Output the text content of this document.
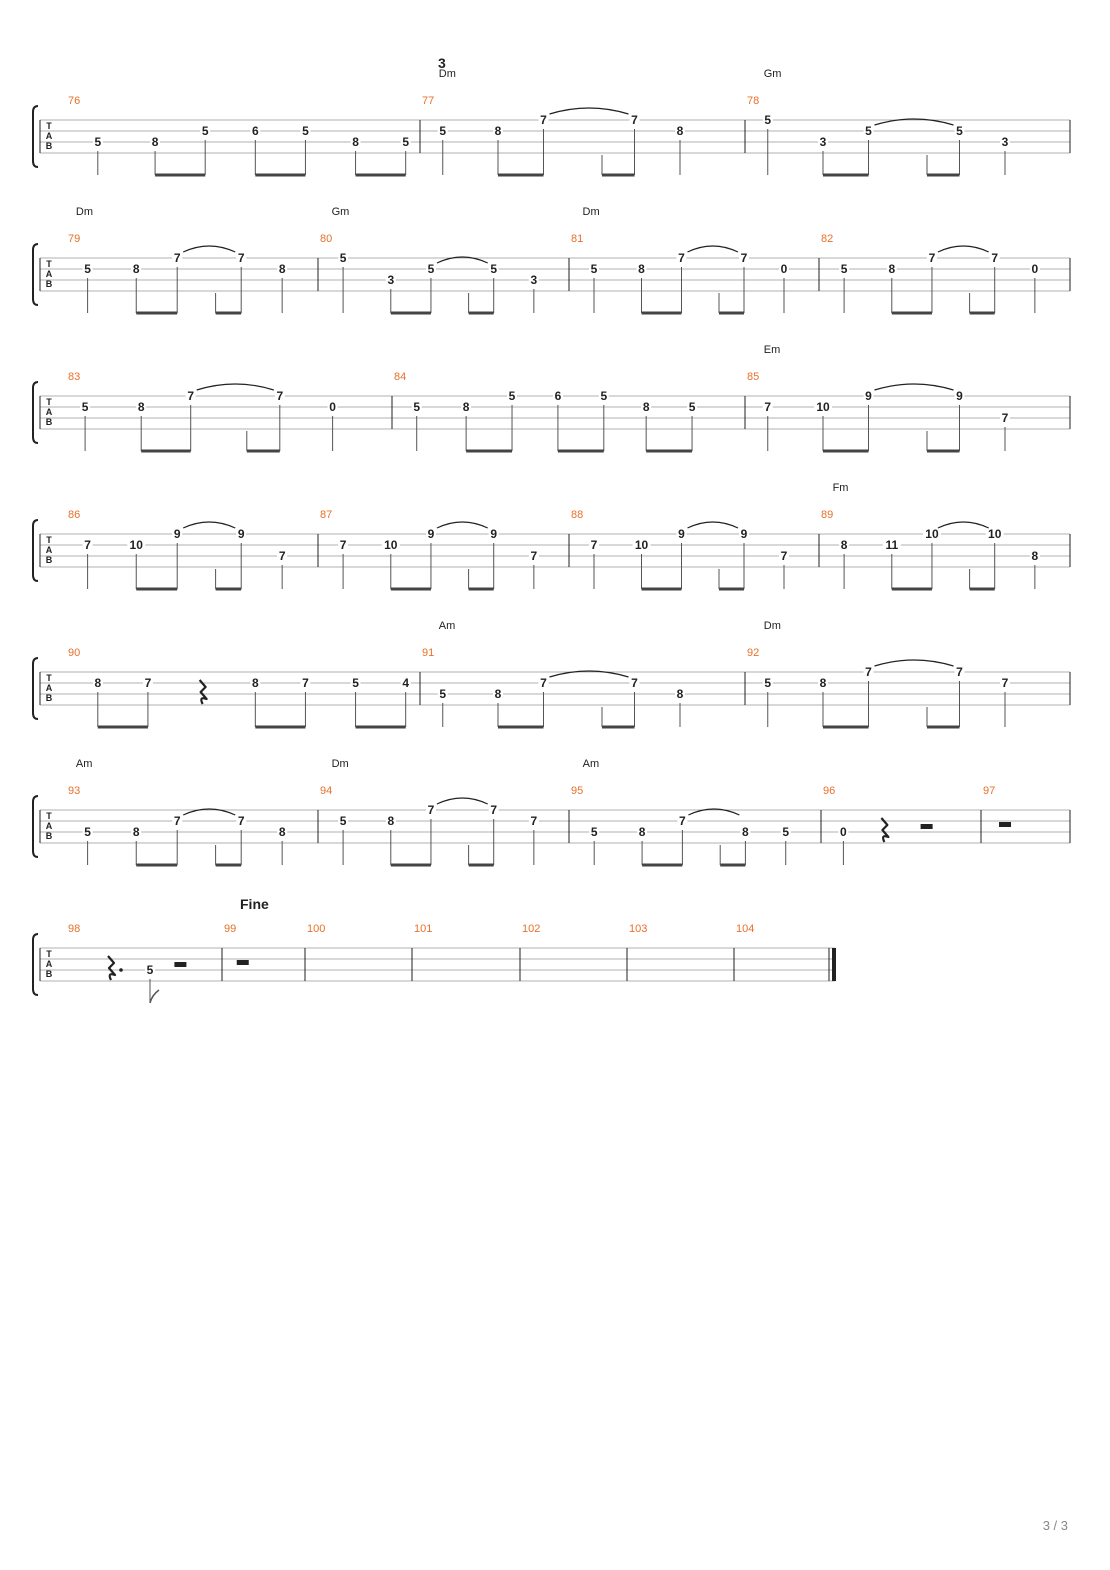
3
Fine
T
A
B
76
5	8
5	6	5
8	5
77
Dm
5	8
7	7
8
78
Gm
5
3
5	5
3
T
A
B
79
Dm
5	8
7	7
8
80
Gm
5
3
5	5
3
81
Dm
5	8
7	7
0
82
5	8
7	7
0
T
A
B
83
5	8
7	7
0
84
5	8
5	6	5
8	5
85
Em
7	10
9	9
7
T
A
B
86
7	10
9	9
7
87
7	10
9	9
7
88
7	10
9	9
7
89
Fm
8	11
10	10
8
T
A
B
90
8	7	8	7	5	4
91
Am
5	8
7	7
8
92
Dm
5	8
7	7
7
T
A
B
93
Am
5	8
7	7
8
94
Dm
5	8
7	7
7
95
Am
5	8
7
8	5
96
0
97
T
A
B
98
5
99	100	101	102	103	104
3 / 3
